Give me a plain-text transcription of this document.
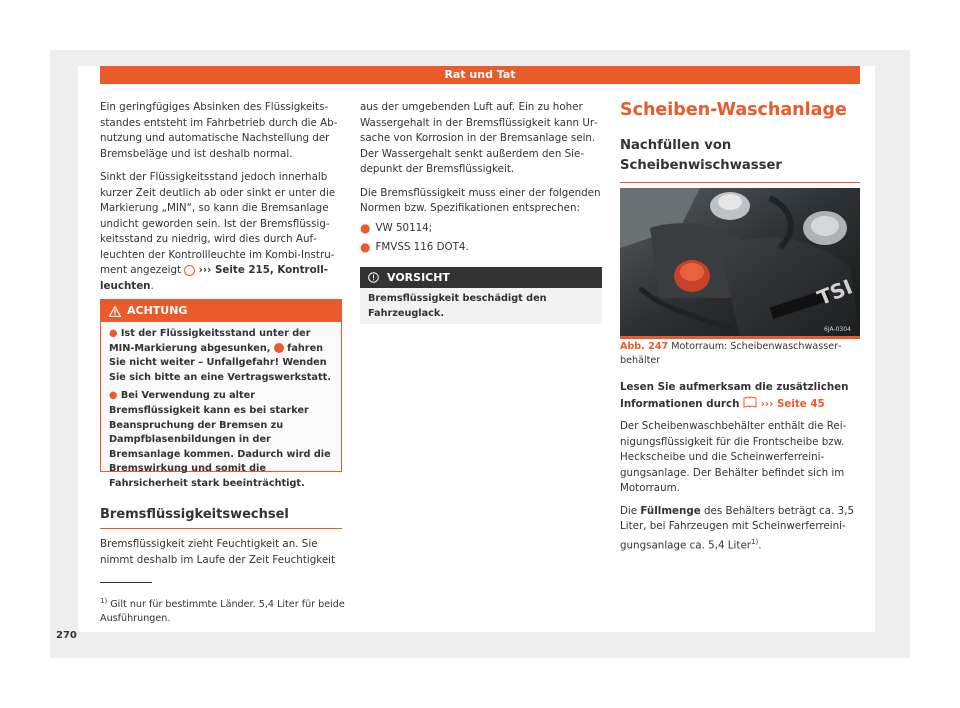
Rat und Tat

Ein geringfügiges Absinken des Flüssigkeitsstandes entsteht im Fahrbetrieb durch die Abnutzung und automatische Nachstellung der Bremsbeläge und ist deshalb normal.

Sinkt der Flüssigkeitsstand jedoch innerhalb kurzer Zeit deutlich ab oder sinkt er unter die Markierung „MIN“, so kann die Bremsanlage undicht geworden sein. Ist der Bremsflüssigkeitsstand zu niedrig, wird dies durch Aufleuchten der Kontrollleuchte im Kombi-Instrument angezeigt ››› Seite 215, Kontrollleuchten.

ACHTUNG
● Ist der Flüssigkeitsstand unter der MIN-Markierung abgesunken, fahren Sie nicht weiter – Unfallgefahr! Wenden Sie sich bitte an eine Vertragswerkstatt.
● Bei Verwendung zu alter Bremsflüssigkeit kann es bei starker Beanspruchung der Bremsen zu Dampfblasenbildungen in der Bremsanlage kommen. Dadurch wird die Bremswirkung und somit die Fahrsicherheit stark beeinträchtigt.
Bremsflüssigkeitswechsel
Bremsflüssigkeit zieht Feuchtigkeit an. Sie nimmt deshalb im Laufe der Zeit Feuchtigkeit
$^{1)}$ Gilt nur für bestimmte Länder. 5,4 Liter für beide Ausführungen.
270

aus der umgebenden Luft auf. Ein zu hoher Wassergehalt in der Bremsflüssigkeit kann Ursache von Korrosion in der Bremsanlage sein. Der Wassergehalt senkt außerdem den Siedepunkt der Bremsflüssigkeit.

Die Bremsflüssigkeit muss einer der folgenden Normen bzw. Spezifikationen entsprechen:

● VW 50114;
● FMVSS 116 DOT4.
VORSICHT
Bremsflüssigkeit beschädigt den Fahrzeuglack.
Scheiben-Waschanlage
Nachfüllen von Scheibenwischwasser
TSI
6JA-0304
Abb. 247 Motorraum: Scheibenwaschwasserbehälter

Lesen Sie aufmerksam die zusätzlichen Informationen durch ››› Seite 45

Der Scheibenwaschbehälter enthält die Reinigungsflüssigkeit für die Frontscheibe bzw. Heckscheibe und die Scheinwerferreinigungsanlage. Der Behälter befindet sich im Motorraum.

Die Füllmenge des Behälters beträgt ca. 3,5 Liter, bei Fahrzeugen mit Scheinwerferreinigungsanlage ca. 5,4 Liter$^{1)}$.
